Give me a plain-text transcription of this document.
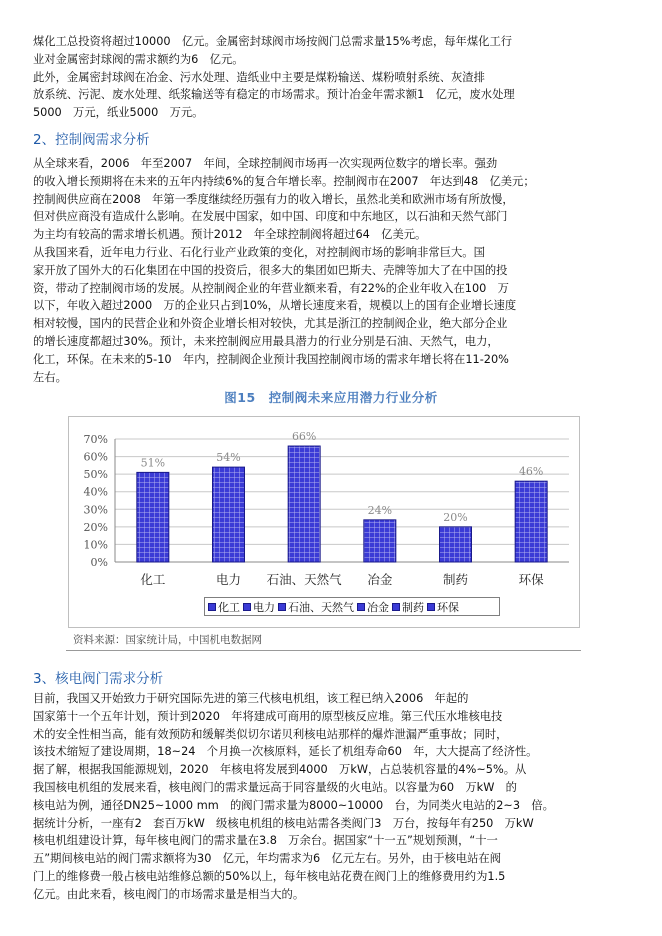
煤化工总投资将超过10000　亿元。金属密封球阀市场按阀门总需求量15%考虑，每年煤化工行
业对金属密封球阀的需求额约为6　亿元。
此外，金属密封球阀在冶金、污水处理、造纸业中主要是煤粉输送、煤粉喷射系统、灰渣排
放系统、污泥、废水处理、纸浆输送等有稳定的市场需求。预计冶金年需求额1　亿元，废水处理
5000　万元，纸业5000　万元。
2、控制阀需求分析
从全球来看，2006　年至2007　年间，全球控制阀市场再一次实现两位数字的增长率。强劲
的收入增长预期将在未来的五年内持续6%的复合年增长率。控制阀市在2007　年达到48　亿美元；
控制阀供应商在2008　年第一季度继续经历强有力的收入增长，虽然北美和欧洲市场有所放慢，
但对供应商没有造成什么影响。在发展中国家，如中国、印度和中东地区，以石油和天然气部门
为主均有较高的需求增长机遇。预计2012　年全球控制阀将超过64　亿美元。
从我国来看，近年电力行业、石化行业产业政策的变化，对控制阀市场的影响非常巨大。国
家开放了国外大的石化集团在中国的投资后，很多大的集团如巴斯夫、壳牌等加大了在中国的投
资，带动了控制阀市场的发展。从控制阀企业的年营业额来看，有22%的企业年收入在100　万
以下，年收入超过2000　万的企业只占到10%，从增长速度来看，规模以上的国有企业增长速度
相对较慢，国内的民营企业和外资企业增长相对较快，尤其是浙江的控制阀企业，绝大部分企业
的增长速度都超过30%。预计，未来控制阀应用最具潜力的行业分别是石油、天然气，电力，
化工，环保。在未来的5-10　年内，控制阀企业预计我国控制阀市场的需求年增长将在11-20%
左右。
图15　控制阀未来应用潜力行业分析
70%
60%
50%
40%
30%
20%
10%
0%
51%
化工
54%
电力
66%
石油、天然气
24%
冶金
20%
制药
46%
环保
化工 电力 石油、天然气 冶金 制药 环保
资料来源：国家统计局，中国机电数据网
3、核电阀门需求分析
目前，我国又开始致力于研究国际先进的第三代核电机组，该工程已纳入2006　年起的
国家第十一个五年计划，预计到2020　年将建成可商用的原型核反应堆。第三代压水堆核电技
术的安全性相当高，能有效预防和缓解类似切尔诺贝利核电站那样的爆炸泄漏严重事故；同时，
该技术缩短了建设周期，18~24　个月换一次核原料，延长了机组寿命60　年，大大提高了经济性。
据了解，根据我国能源规划，2020　年核电将发展到4000　万kW，占总装机容量的4%~5%。从
我国核电机组的发展来看，核电阀门的需求量远高于同容量级的火电站。以容量为60　万kW　的
核电站为例，通径DN25~1000 mm　的阀门需求量为8000~10000　台，为同类火电站的2~3　倍。
据统计分析，一座有2　套百万kW　级核电机组的核电站需各类阀门3　万台，按每年有250　万kW
核电机组建设计算，每年核电阀门的需求量在3.8　万余台。据国家“十一五”规划预测，“十一
五”期间核电站的阀门需求额将为30　亿元，年均需求为6　亿元左右。另外，由于核电站在阀
门上的维修费一般占核电站维修总额的50%以上，每年核电站花费在阀门上的维修费用约为1.5
亿元。由此来看，核电阀门的市场需求量是相当大的。
